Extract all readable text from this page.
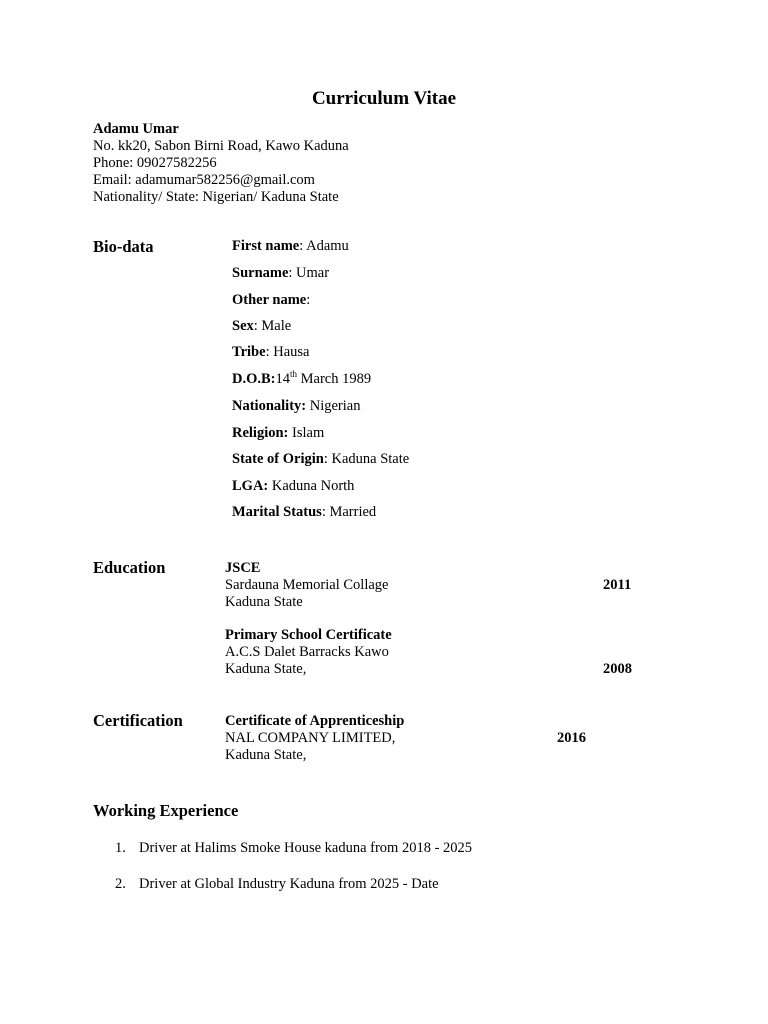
Curriculum Vitae
Adamu Umar
No. kk20, Sabon Birni Road, Kawo Kaduna
Phone: 09027582256
Email: adamumar582256@gmail.com
Nationality/ State: Nigerian/ Kaduna State
Bio-data	First name: Adamu
Surname: Umar
Other name:
Sex: Male
Tribe: Hausa
D.O.B:14th March 1989
Nationality: Nigerian
Religion: Islam
State of Origin: Kaduna State
LGA: Kaduna North
Marital Status: Married
Education	JSCE
Sardauna Memorial Collage	2011
Kaduna State
Primary School Certificate
A.C.S Dalet Barracks Kawo
Kaduna State,	2008
Certification	Certificate of Apprenticeship
NAL COMPANY LIMITED,	2016
Kaduna State,
Working Experience
1. Driver at Halims Smoke House kaduna from 2018 - 2025
2. Driver at Global Industry Kaduna from 2025 - Date
